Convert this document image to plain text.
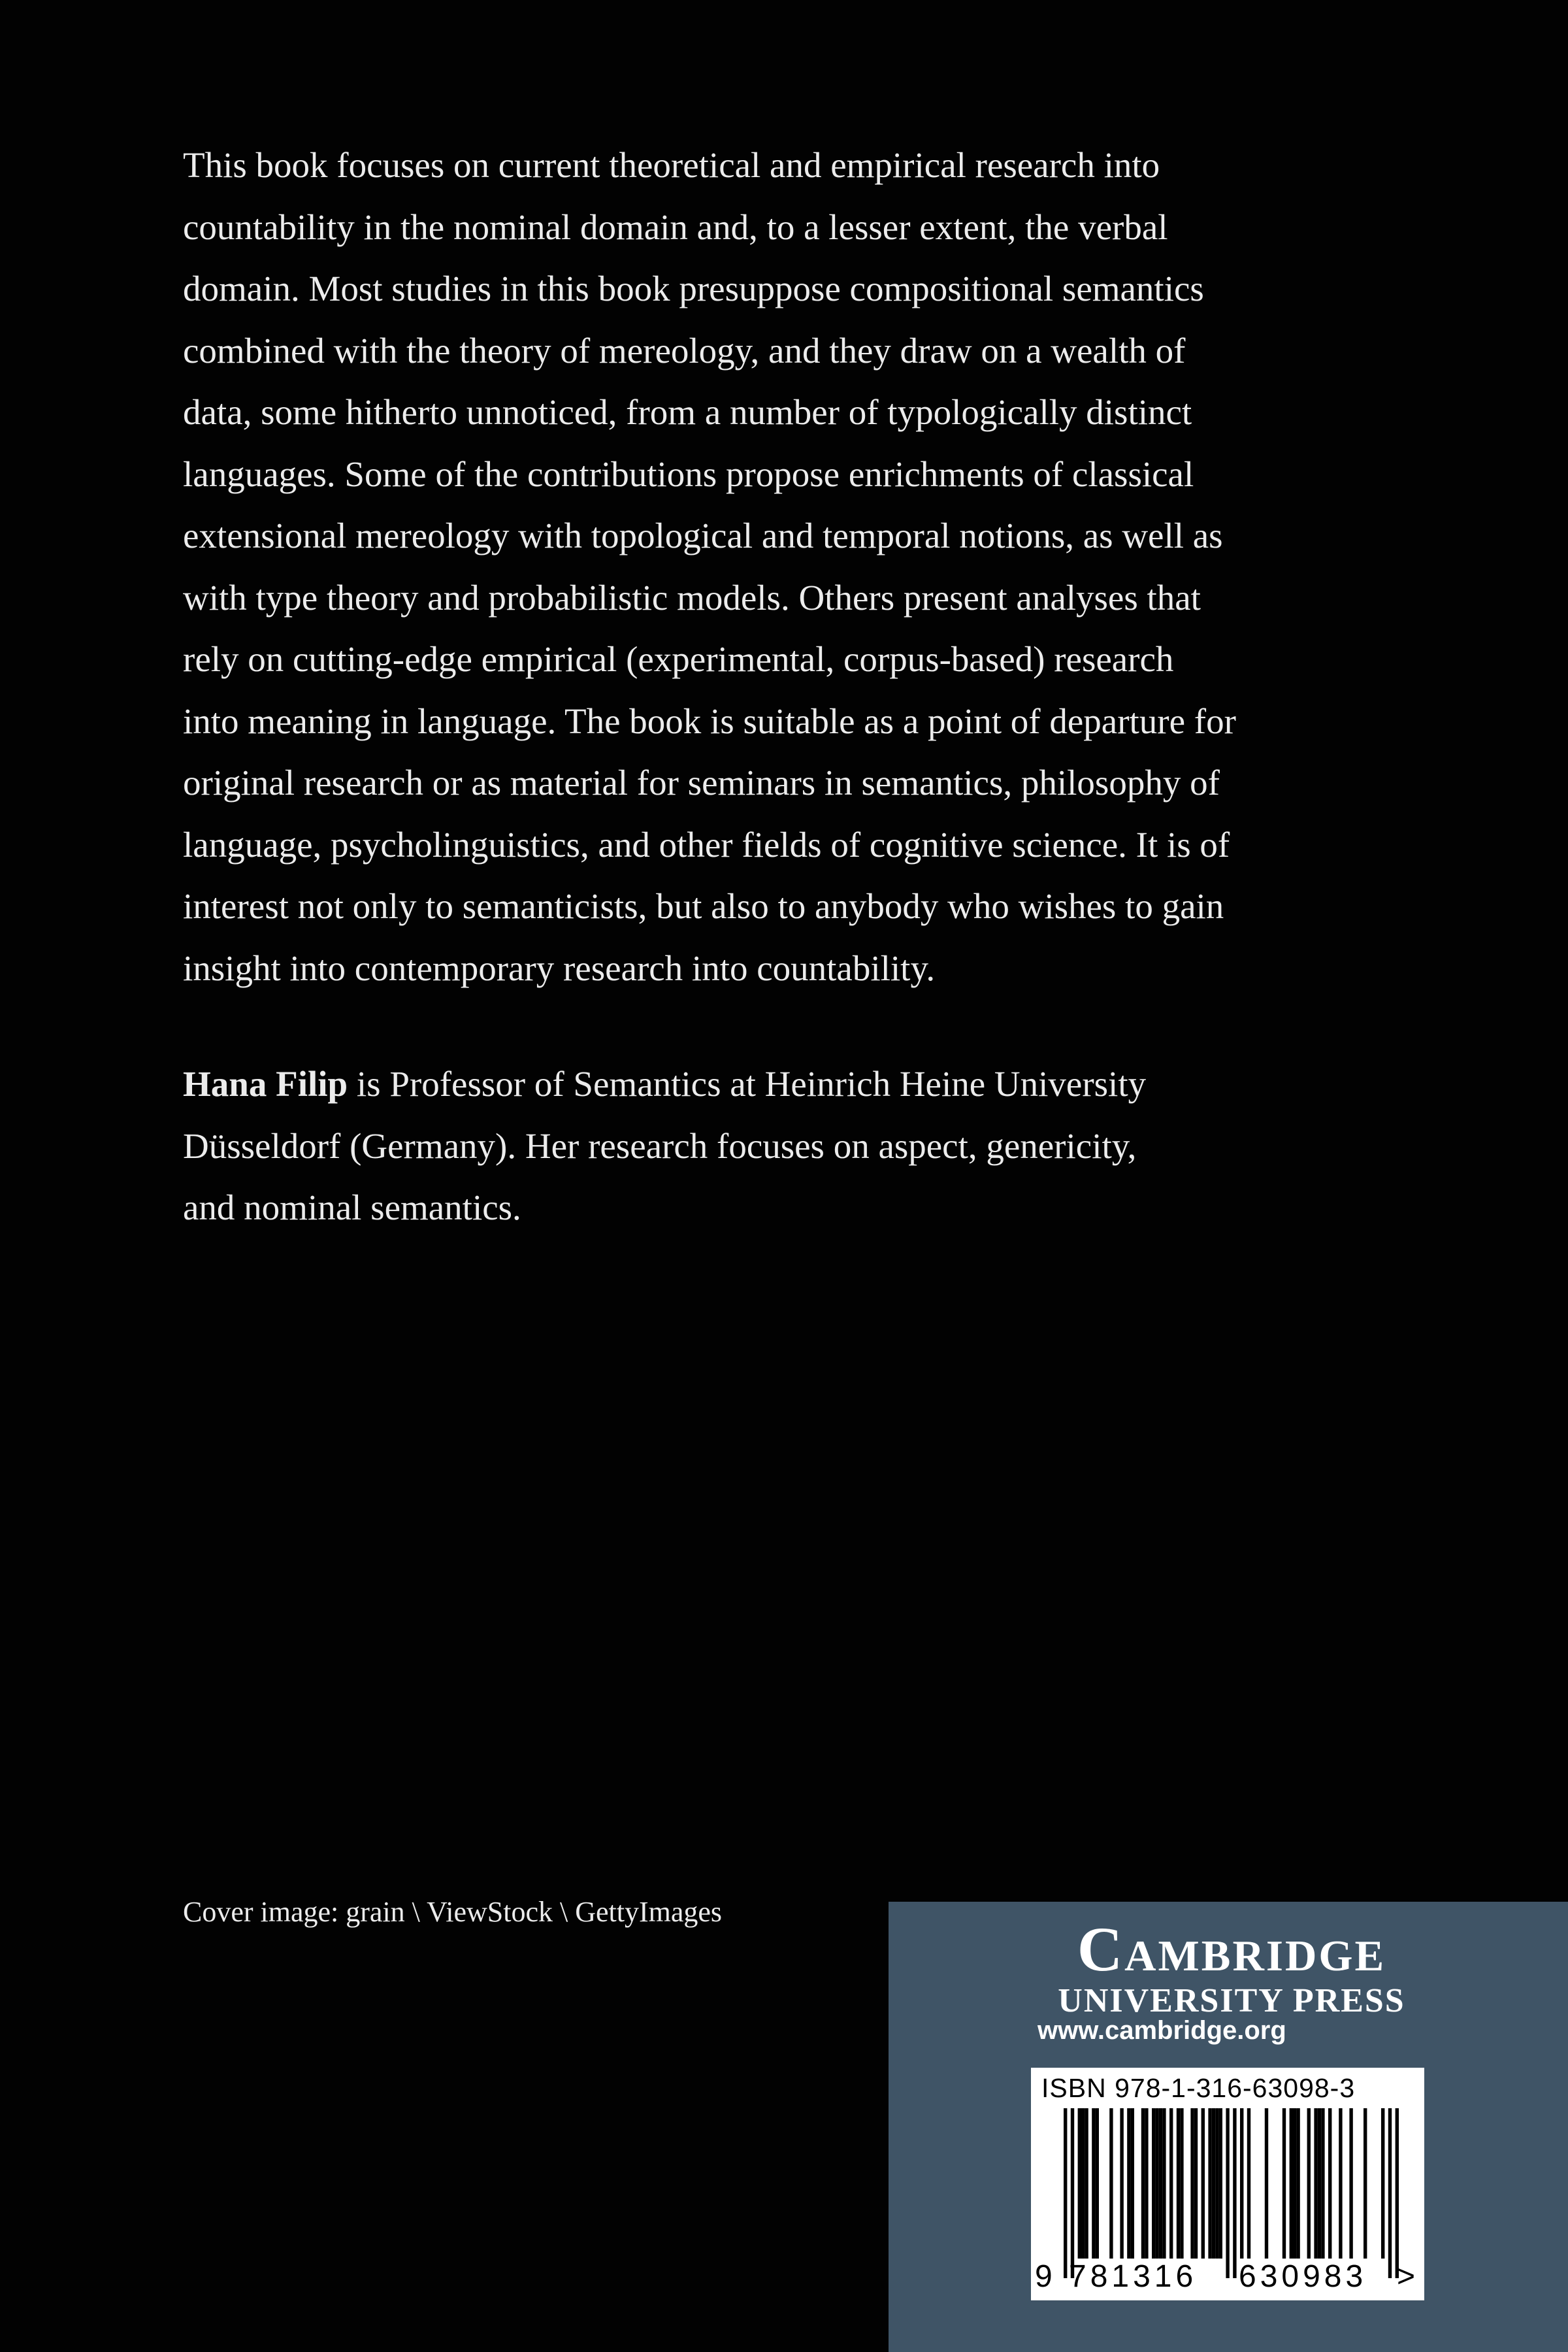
This book focuses on current theoretical and empirical research into
countability in the nominal domain and, to a lesser extent, the verbal
domain. Most studies in this book presuppose compositional semantics
combined with the theory of mereology, and they draw on a wealth of
data, some hitherto unnoticed, from a number of typologically distinct
languages. Some of the contributions propose enrichments of classical
extensional mereology with topological and temporal notions, as well as
with type theory and probabilistic models. Others present analyses that
rely on cutting-edge empirical (experimental, corpus-based) research
into meaning in language. The book is suitable as a point of departure for
original research or as material for seminars in semantics, philosophy of
language, psycholinguistics, and other fields of cognitive science. It is of
interest not only to semanticists, but also to anybody who wishes to gain
insight into contemporary research into countability.
Hana Filip is Professor of Semantics at Heinrich Heine University
Düsseldorf (Germany). Her research focuses on aspect, genericity,
and nominal semantics.
Cover image: grain \ ViewStock \ GettyImages
Cambridge
UNIVERSITY PRESS
www.cambridge.org
ISBN 978-1-316-63098-3
9 781316 630983 >
